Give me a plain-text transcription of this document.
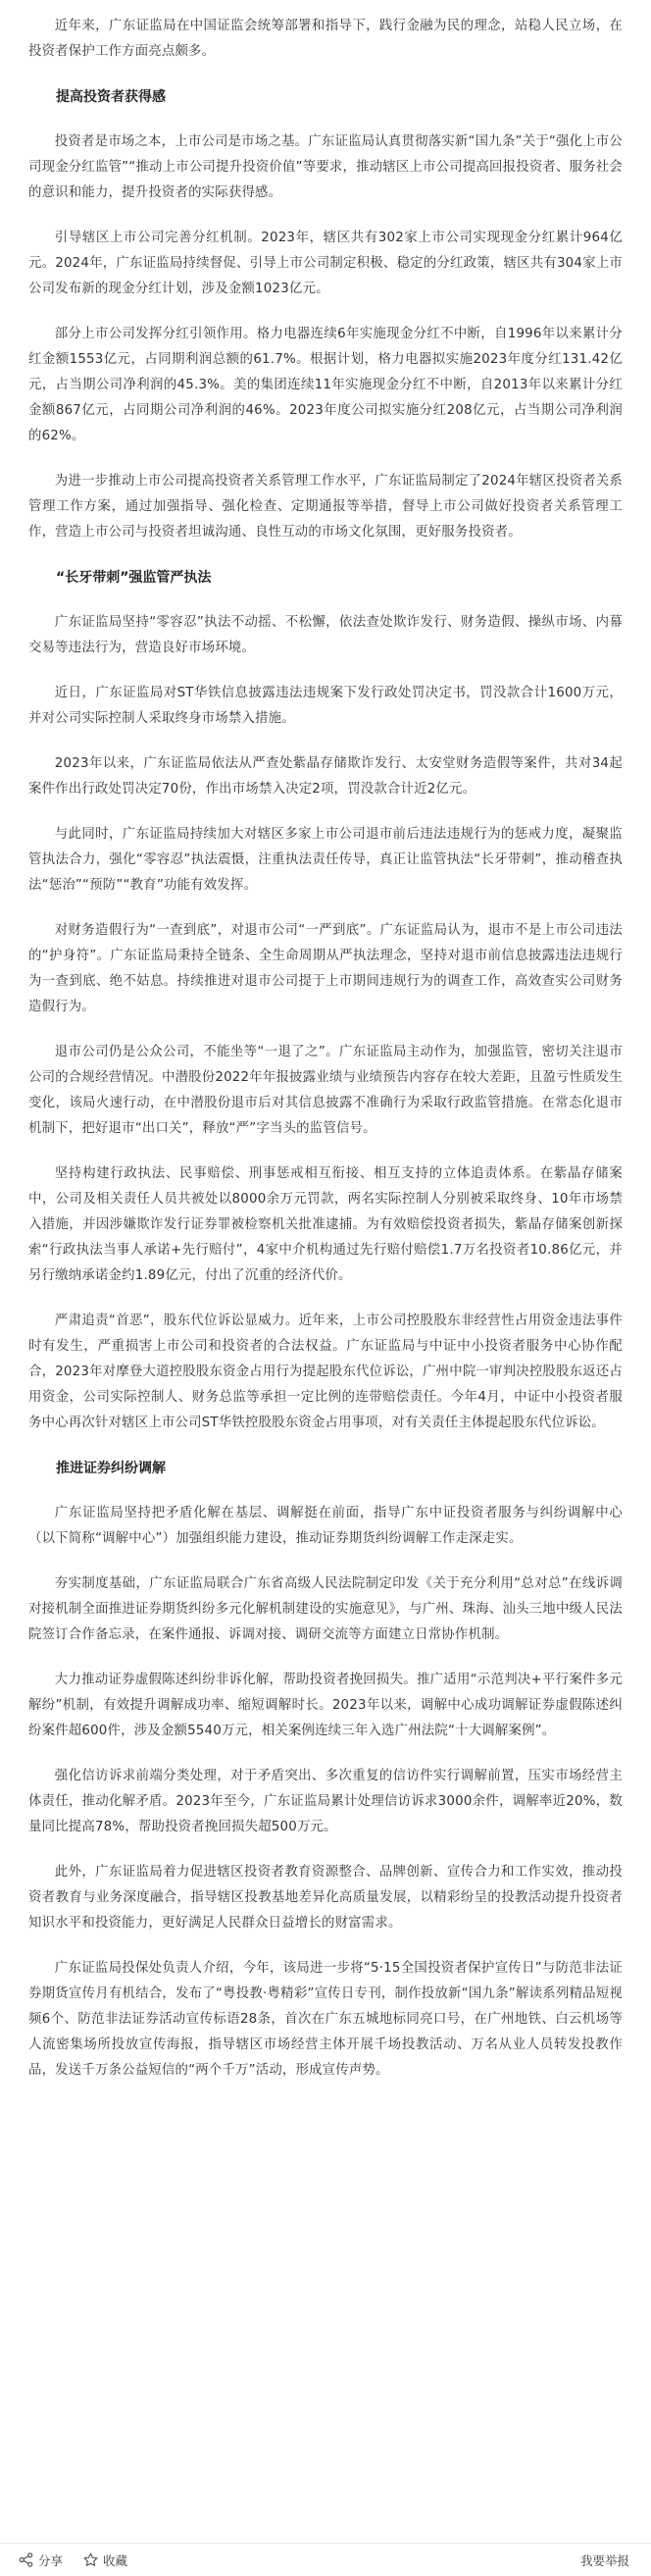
近年来，广东证监局在中国证监会统筹部署和指导下，践行金融为民的理念，站稳人民立场，在投资者保护工作方面亮点颇多。

提高投资者获得感

投资者是市场之本，上市公司是市场之基。广东证监局认真贯彻落实新“国九条”关于“强化上市公司现金分红监管”“推动上市公司提升投资价值”等要求，推动辖区上市公司提高回报投资者、服务社会的意识和能力，提升投资者的实际获得感。

引导辖区上市公司完善分红机制。2023年，辖区共有302家上市公司实现现金分红累计964亿元。2024年，广东证监局持续督促、引导上市公司制定积极、稳定的分红政策，辖区共有304家上市公司发布新的现金分红计划，涉及金额1023亿元。

部分上市公司发挥分红引领作用。格力电器连续6年实施现金分红不中断，自1996年以来累计分红金额1553亿元，占同期利润总额的61.7%。根据计划，格力电器拟实施2023年度分红131.42亿元，占当期公司净利润的45.3%。美的集团连续11年实施现金分红不中断，自2013年以来累计分红金额867亿元，占同期公司净利润的46%。2023年度公司拟实施分红208亿元，占当期公司净利润的62%。

为进一步推动上市公司提高投资者关系管理工作水平，广东证监局制定了2024年辖区投资者关系管理工作方案，通过加强指导、强化检查、定期通报等举措，督导上市公司做好投资者关系管理工作，营造上市公司与投资者坦诚沟通、良性互动的市场文化氛围，更好服务投资者。

“长牙带刺”强监管严执法

广东证监局坚持“零容忍”执法不动摇、不松懈，依法查处欺诈发行、财务造假、操纵市场、内幕交易等违法行为，营造良好市场环境。

近日，广东证监局对ST华铁信息披露违法违规案下发行政处罚决定书，罚没款合计1600万元，并对公司实际控制人采取终身市场禁入措施。

2023年以来，广东证监局依法从严查处紫晶存储欺诈发行、太安堂财务造假等案件，共对34起案件作出行政处罚决定70份，作出市场禁入决定2项，罚没款合计近2亿元。

与此同时，广东证监局持续加大对辖区多家上市公司退市前后违法违规行为的惩戒力度，凝聚监管执法合力，强化“零容忍”执法震慑，注重执法责任传导，真正让监管执法“长牙带刺”，推动稽查执法“惩治”“预防”“教育”功能有效发挥。

对财务造假行为“一查到底”，对退市公司“一严到底”。广东证监局认为，退市不是上市公司违法的“护身符”。广东证监局秉持全链条、全生命周期从严执法理念，坚持对退市前信息披露违法违规行为一查到底、绝不姑息。持续推进对退市公司提于上市期间违规行为的调查工作，高效查实公司财务造假行为。

退市公司仍是公众公司，不能坐等“一退了之”。广东证监局主动作为，加强监管，密切关注退市公司的合规经营情况。中潜股份2022年年报披露业绩与业绩预告内容存在较大差距，且盈亏性质发生变化，该局火速行动，在中潜股份退市后对其信息披露不准确行为采取行政监管措施。在常态化退市机制下，把好退市“出口关”，释放“严”字当头的监管信号。

坚持构建行政执法、民事赔偿、刑事惩戒相互衔接、相互支持的立体追责体系。在紫晶存储案中，公司及相关责任人员共被处以8000余万元罚款，两名实际控制人分别被采取终身、10年市场禁入措施，并因涉嫌欺诈发行证券罪被检察机关批准逮捕。为有效赔偿投资者损失，紫晶存储案创新探索“行政执法当事人承诺+先行赔付”，4家中介机构通过先行赔付赔偿1.7万名投资者10.86亿元，并另行缴纳承诺金约1.89亿元，付出了沉重的经济代价。

严肃追责“首恶”，股东代位诉讼显威力。近年来，上市公司控股股东非经营性占用资金违法事件时有发生，严重损害上市公司和投资者的合法权益。广东证监局与中证中小投资者服务中心协作配合，2023年对摩登大道控股股东资金占用行为提起股东代位诉讼，广州中院一审判决控股股东返还占用资金，公司实际控制人、财务总监等承担一定比例的连带赔偿责任。今年4月，中证中小投资者服务中心再次针对辖区上市公司ST华铁控股股东资金占用事项，对有关责任主体提起股东代位诉讼。

推进证券纠纷调解

广东证监局坚持把矛盾化解在基层、调解挺在前面，指导广东中证投资者服务与纠纷调解中心（以下简称“调解中心”）加强组织能力建设，推动证券期货纠纷调解工作走深走实。

夯实制度基础，广东证监局联合广东省高级人民法院制定印发《关于充分利用“总对总”在线诉调对接机制全面推进证券期货纠纷多元化解机制建设的实施意见》，与广州、珠海、汕头三地中级人民法院签订合作备忘录，在案件通报、诉调对接、调研交流等方面建立日常协作机制。

大力推动证券虚假陈述纠纷非诉化解，帮助投资者挽回损失。推广适用“示范判决+平行案件多元解纷”机制，有效提升调解成功率、缩短调解时长。2023年以来，调解中心成功调解证券虚假陈述纠纷案件超600件，涉及金额5540万元，相关案例连续三年入选广州法院“十大调解案例”。

强化信访诉求前端分类处理，对于矛盾突出、多次重复的信访件实行调解前置，压实市场经营主体责任，推动化解矛盾。2023年至今，广东证监局累计处理信访诉求3000余件，调解率近20%，数量同比提高78%，帮助投资者挽回损失超500万元。

此外，广东证监局着力促进辖区投资者教育资源整合、品牌创新、宣传合力和工作实效，推动投资者教育与业务深度融合，指导辖区投教基地差异化高质量发展，以精彩纷呈的投教活动提升投资者知识水平和投资能力，更好满足人民群众日益增长的财富需求。

广东证监局投保处负责人介绍，今年，该局进一步将“5·15全国投资者保护宣传日”与防范非法证券期货宣传月有机结合，发布了“粤投教·粤精彩”宣传日专刊，制作投放新“国九条”解读系列精品短视频6个、防范非法证券活动宣传标语28条，首次在广东五城地标同亮口号，在广州地铁、白云机场等人流密集场所投放宣传海报，指导辖区市场经营主体开展千场投教活动、万名从业人员转发投教作品，发送千万条公益短信的“两个千万”活动，形成宣传声势。

分享	收藏	我要举报
